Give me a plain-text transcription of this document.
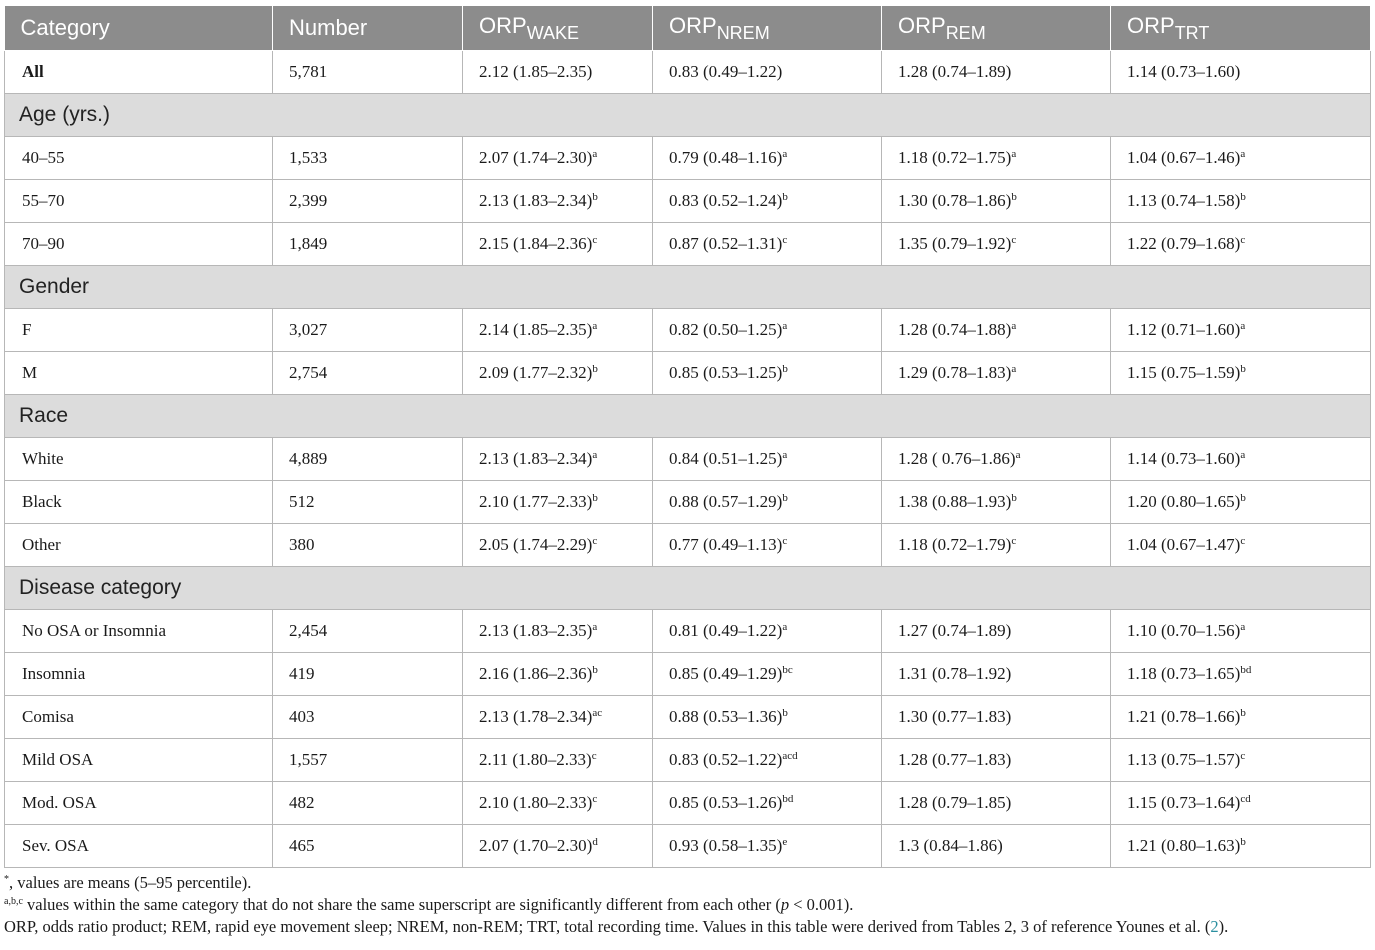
Category	Number	$ORP_{WAKE}$	$ORP_{NREM}$	$ORP_{REM}$	$ORP_{TRT}$
All	5,781	2.12 (1.85–2.35)	0.83 (0.49–1.22)	1.28 (0.74–1.89)	1.14 (0.73–1.60)
Age (yrs.)					
40–55	1,533	2.07 $(1.74-2.30)^a$	0.79 $(0.48-1.16)^a$	1.18 $(0.72-1.75)^a$	1.04 $(0.67-1.46)^a$
55–70	2,399	2.13 $(1.83-2.34)^b$	0.83 $(0.52-1.24)^b$	1.30 $(0.78-1.86)^b$	1.13 $(0.74-1.58)^b$
70–90	1,849	2.15 $(1.84-2.36)^c$	0.87 $(0.52-1.31)^c$	1.35 $(0.79-1.92)^c$	1.22 $(0.79-1.68)^c$
Gender					
F	3,027	2.14 $(1.85-2.35)^a$	0.82 $(0.50-1.25)^a$	1.28 $(0.74-1.88)^a$	1.12 $(0.71-1.60)^a$
M	2,754	2.09 $(1.77-2.32)^b$	0.85 $(0.53-1.25)^b$	1.29 $(0.78-1.83)^a$	1.15 $(0.75-1.59)^b$
Race					
White	4,889	2.13 $(1.83-2.34)^a$	0.84 $(0.51-1.25)^a$	1.28 ( 0.76–1.86)$^a$	1.14 $(0.73-1.60)^a$
Black	512	2.10 $(1.77-2.33)^b$	0.88 $(0.57-1.29)^b$	1.38 $(0.88-1.93)^b$	1.20 $(0.80-1.65)^b$
Other	380	2.05 $(1.74-2.29)^c$	0.77 $(0.49-1.13)^c$	1.18 $(0.72-1.79)^c$	1.04 $(0.67-1.47)^c$
Disease category					
No OSA or Insomnia	2,454	2.13 $(1.83-2.35)^a$	0.81 $(0.49-1.22)^a$	1.27 (0.74–1.89)	1.10 $(0.70-1.56)^a$
Insomnia	419	2.16 $(1.86-2.36)^b$	0.85 $(0.49-1.29)^{bc}$	1.31 (0.78–1.92)	1.18 $(0.73-1.65)^{bd}$
Comisa	403	2.13 $(1.78-2.34)^{ac}$	0.88 $(0.53-1.36)^b$	1.30 (0.77–1.83)	1.21 $(0.78-1.66)^b$
Mild OSA	1,557	2.11 $(1.80-2.33)^c$	0.83 $(0.52-1.22)^{acd}$	1.28 (0.77–1.83)	1.13 $(0.75-1.57)^c$
Mod. OSA	482	2.10 $(1.80-2.33)^c$	0.85 $(0.53-1.26)^{bd}$	1.28 (0.79–1.85)	1.15 $(0.73-1.64)^{cd}$
Sev. OSA	465	2.07 $(1.70-2.30)^d$	0.93 $(0.58-1.35)^e$	1.3 (0.84–1.86)	1.21 $(0.80-1.63)^b$

*, values are means (5–95 percentile).

$^{a,b,c}$ values within the same category that do not share the same superscript are significantly different from each other (p < 0.001).

ORP, odds ratio product; REM, rapid eye movement sleep; NREM, non-REM; TRT, total recording time. Values in this table were derived from Tables 2, 3 of reference Younes et al. (2).
